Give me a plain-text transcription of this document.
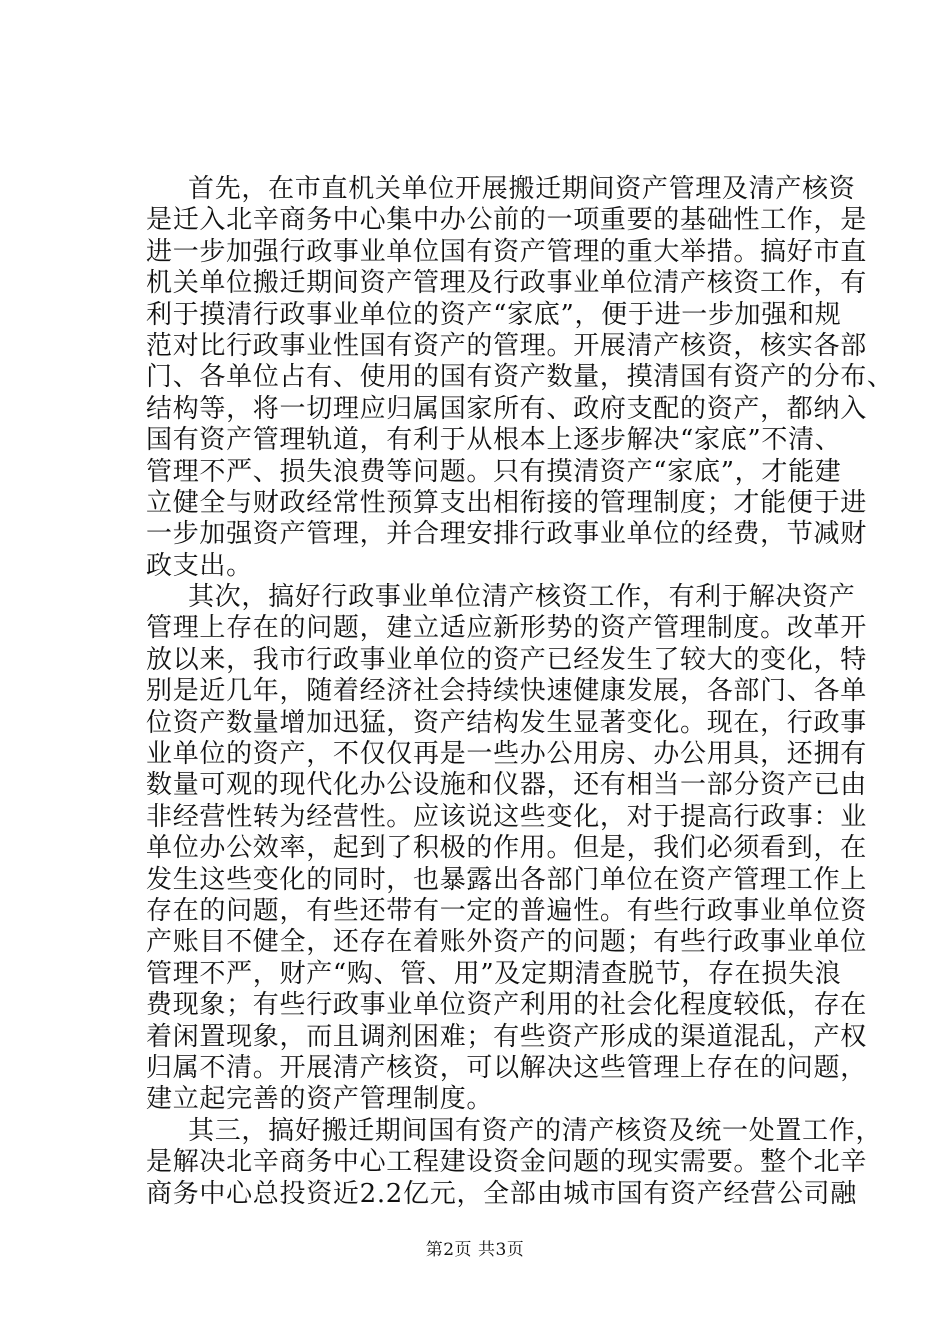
首先，在市直机关单位开展搬迁期间资产管理及清产核资
是迁入北辛商务中心集中办公前的一项重要的基础性工作，是
进一步加强行政事业单位国有资产管理的重大举措。搞好市直
机关单位搬迁期间资产管理及行政事业单位清产核资工作，有
利于摸清行政事业单位的资产“家底”，便于进一步加强和规
范对比行政事业性国有资产的管理。开展清产核资，核实各部
门、各单位占有、使用的国有资产数量，摸清国有资产的分布、
结构等，将一切理应归属国家所有、政府支配的资产，都纳入
国有资产管理轨道，有利于从根本上逐步解决“家底”不清、
管理不严、损失浪费等问题。只有摸清资产“家底”，才能建
立健全与财政经常性预算支出相衔接的管理制度；才能便于进
一步加强资产管理，并合理安排行政事业单位的经费，节减财
政支出。
其次，搞好行政事业单位清产核资工作，有利于解决资产
管理上存在的问题，建立适应新形势的资产管理制度。改革开
放以来，我市行政事业单位的资产已经发生了较大的变化，特
别是近几年，随着经济社会持续快速健康发展，各部门、各单
位资产数量增加迅猛，资产结构发生显著变化。现在，行政事
业单位的资产，不仅仅再是一些办公用房、办公用具，还拥有
数量可观的现代化办公设施和仪器，还有相当一部分资产已由
非经营性转为经营性。应该说这些变化，对于提高行政事：业
单位办公效率，起到了积极的作用。但是，我们必须看到，在
发生这些变化的同时，也暴露出各部门单位在资产管理工作上
存在的问题，有些还带有一定的普遍性。有些行政事业单位资
产账目不健全，还存在着账外资产的问题；有些行政事业单位
管理不严，财产“购、管、用”及定期清查脱节，存在损失浪
费现象；有些行政事业单位资产利用的社会化程度较低，存在
着闲置现象，而且调剂困难；有些资产形成的渠道混乱，产权
归属不清。开展清产核资，可以解决这些管理上存在的问题，
建立起完善的资产管理制度。
其三，搞好搬迁期间国有资产的清产核资及统一处置工作，
是解决北辛商务中心工程建设资金问题的现实需要。整个北辛
商务中心总投资近2.2亿元，全部由城市国有资产经营公司融
第2页 共3页
